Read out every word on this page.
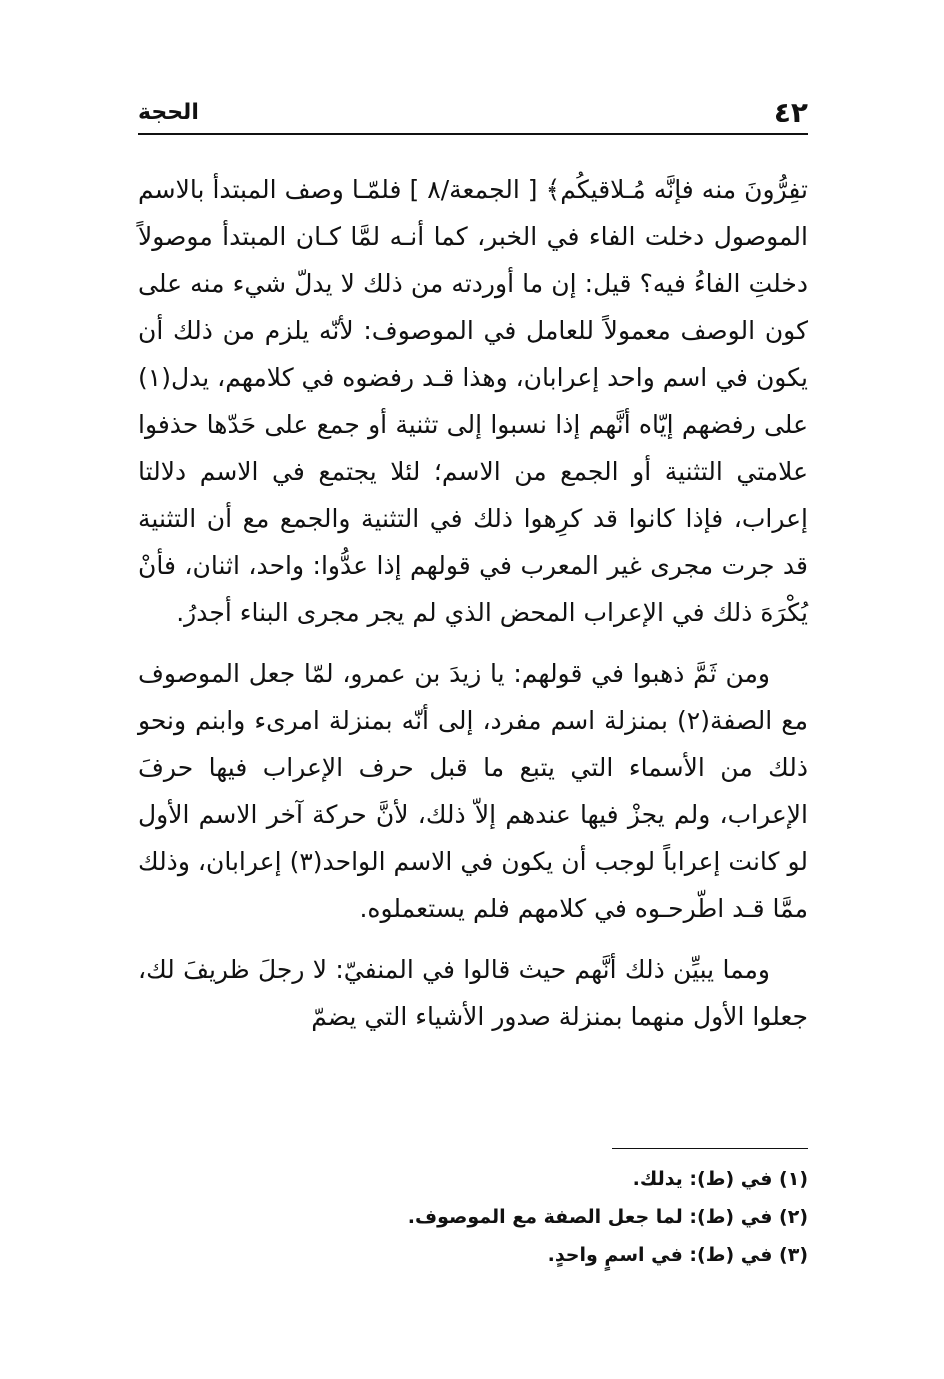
٤٢
الحجة

تفِرُّونَ منه فإنَّه مُـلاقيكُم﴾ [ الجمعة/٨ ] فلمّـا وصف المبتدأ بالاسم الموصول دخلت الفاء في الخبر، كما أنـه لمَّا كـان المبتدأ موصولاً دخلتِ الفاءُ فيه؟ قيل: إن ما أوردته من ذلك لا يدلّ شيء منه على كون الوصف معمولاً للعامل في الموصوف: لأنّه يلزم من ذلك أن يكون في اسم واحد إعرابان، وهذا قـد رفضوه في كلامهم، يدل(١) على رفضهم إيّاه أنَّهم إذا نسبوا إلى تثنية أو جمع على حَدّها حذفوا علامتي التثنية أو الجمع من الاسم؛ لئلا يجتمع في الاسم دلالتا إعراب، فإذا كانوا قد كرِهوا ذلك في التثنية والجمع مع أن التثنية قد جرت مجرى غير المعرب في قولهم إذا عدُّوا: واحد، اثنان، فأنْ يُكْرَهَ ذلك في الإعراب المحض الذي لم يجر مجرى البناء أجدرُ.

ومن ثَمَّ ذهبوا في قولهم: يا زيدَ بن عمرو، لمّا جعل الموصوف مع الصفة(٢) بمنزلة اسم مفرد، إلى أنّه بمنزلة امرىء وابنم ونحو ذلك من الأسماء التي يتبع ما قبل حرف الإعراب فيها حرفَ الإعراب، ولم يجزْ فيها عندهم إلاّ ذلك، لأنَّ حركة آخر الاسم الأول لو كانت إعراباً لوجب أن يكون في الاسم الواحد(٣) إعرابان، وذلك ممَّا قـد اطّرحـوه في كلامهم فلم يستعملوه.

ومما يبيِّن ذلك أنَّهم حيث قالوا في المنفيّ: لا رجلَ ظريفَ لك، جعلوا الأول منهما بمنزلة صدور الأشياء التي يضمّ

(١) في (ط): يدلك.
(٢) في (ط): لما جعل الصفة مع الموصوف.
(٣) في (ط): في اسمٍ واحدٍ.
